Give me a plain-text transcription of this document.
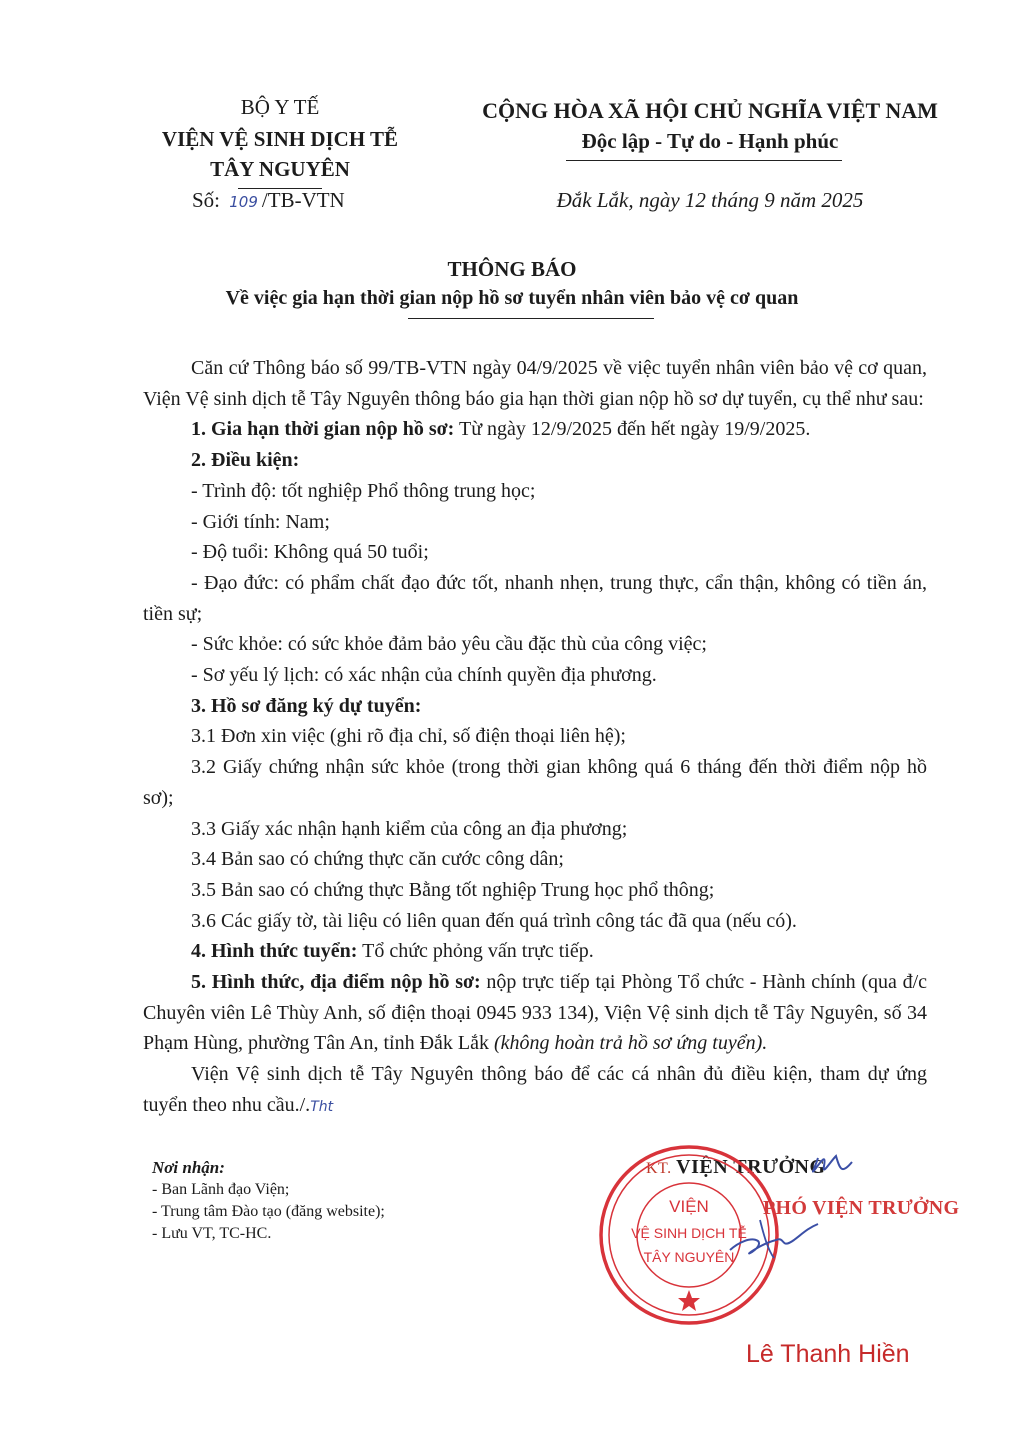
BỘ Y TẾ
VIỆN VỆ SINH DỊCH TỄ
TÂY NGUYÊN
Số: 109 /TB-VTN
CỘNG HÒA XÃ HỘI CHỦ NGHĨA VIỆT NAM
Độc lập - Tự do - Hạnh phúc
Đắk Lắk, ngày 12 tháng 9 năm 2025
THÔNG BÁO
Về việc gia hạn thời gian nộp hồ sơ tuyển nhân viên bảo vệ cơ quan

Căn cứ Thông báo số 99/TB-VTN ngày 04/9/2025 về việc tuyển nhân viên bảo vệ cơ quan, Viện Vệ sinh dịch tễ Tây Nguyên thông báo gia hạn thời gian nộp hồ sơ dự tuyển, cụ thể như sau:

1. Gia hạn thời gian nộp hồ sơ: Từ ngày 12/9/2025 đến hết ngày 19/9/2025.

2. Điều kiện:

- Trình độ: tốt nghiệp Phổ thông trung học;

- Giới tính: Nam;

- Độ tuổi: Không quá 50 tuổi;

- Đạo đức: có phẩm chất đạo đức tốt, nhanh nhẹn, trung thực, cẩn thận, không có tiền án, tiền sự;

- Sức khỏe: có sức khỏe đảm bảo yêu cầu đặc thù của công việc;

- Sơ yếu lý lịch: có xác nhận của chính quyền địa phương.

3. Hồ sơ đăng ký dự tuyển:

3.1 Đơn xin việc (ghi rõ địa chỉ, số điện thoại liên hệ);

3.2 Giấy chứng nhận sức khỏe (trong thời gian không quá 6 tháng đến thời điểm nộp hồ sơ);

3.3 Giấy xác nhận hạnh kiểm của công an địa phương;

3.4 Bản sao có chứng thực căn cước công dân;

3.5 Bản sao có chứng thực Bằng tốt nghiệp Trung học phổ thông;

3.6 Các giấy tờ, tài liệu có liên quan đến quá trình công tác đã qua (nếu có).

4. Hình thức tuyển: Tổ chức phỏng vấn trực tiếp.

5. Hình thức, địa điểm nộp hồ sơ: nộp trực tiếp tại Phòng Tổ chức - Hành chính (qua đ/c Chuyên viên Lê Thùy Anh, số điện thoại 0945 933 134), Viện Vệ sinh dịch tễ Tây Nguyên, số 34 Phạm Hùng, phường Tân An, tỉnh Đắk Lắk (không hoàn trả hồ sơ ứng tuyển).

Viện Vệ sinh dịch tễ Tây Nguyên thông báo để các cá nhân đủ điều kiện, tham dự ứng tuyển theo nhu cầu./.Tht

Nơi nhận:
- Ban Lãnh đạo Viện;
- Trung tâm Đào tạo (đăng website);
- Lưu VT, TC-HC.
KT. VIỆN TRƯỞNG
VIỆN
VỆ SINH DỊCH TỄ
TÂY NGUYÊN
PHÓ VIỆN TRƯỞNG
Lê Thanh Hiền
